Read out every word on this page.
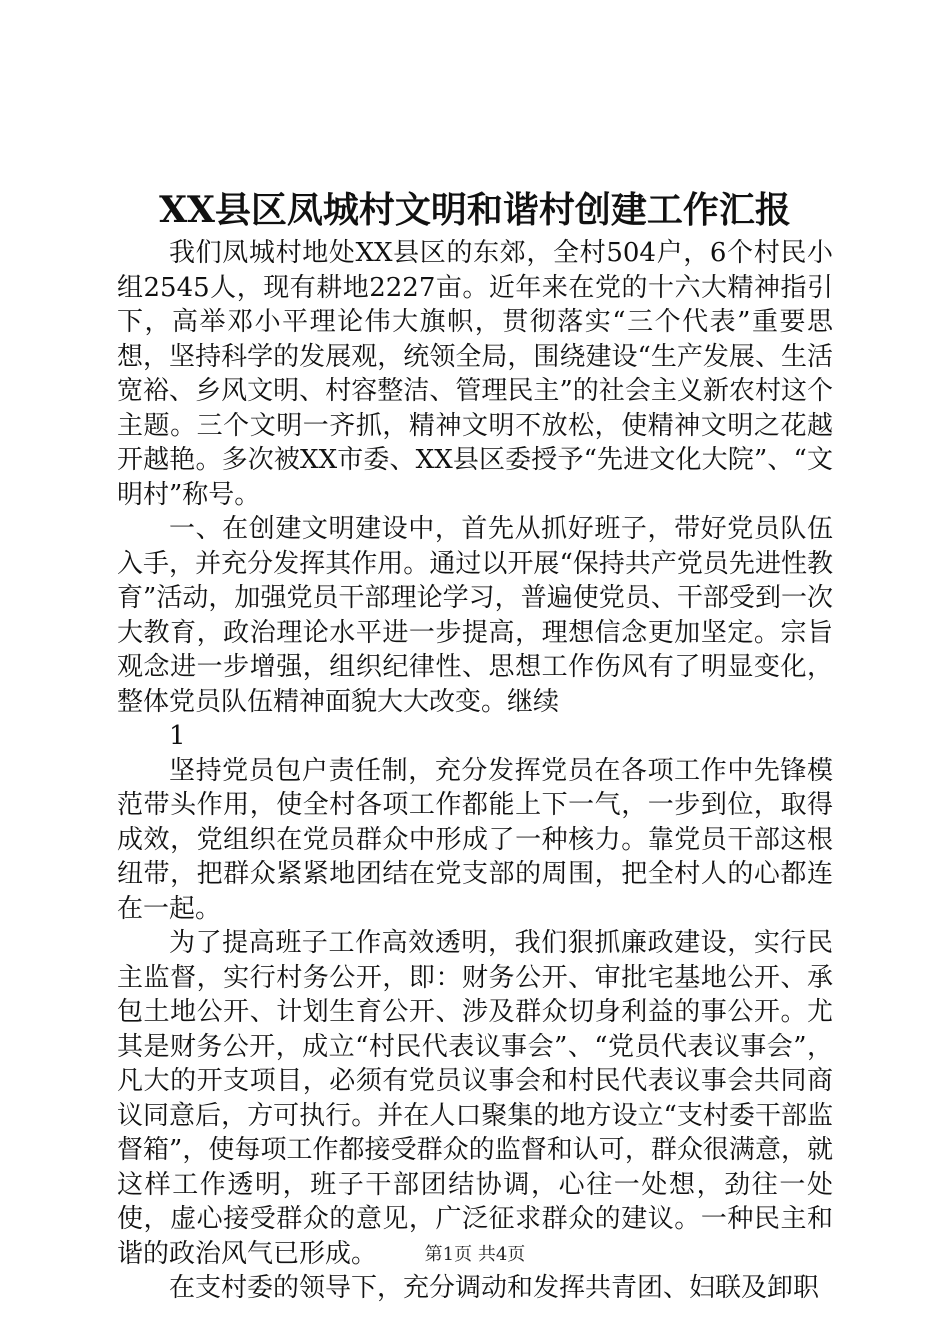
XX县区凤城村文明和谐村创建工作汇报

我们凤城村地处XX县区的东郊，全村504户，6个村民小组2545人，现有耕地2227亩。近年来在党的十六大精神指引下，高举邓小平理论伟大旗帜，贯彻落实“三个代表”重要思想，坚持科学的发展观，统领全局，围绕建设“生产发展、生活宽裕、乡风文明、村容整洁、管理民主”的社会主义新农村这个主题。三个文明一齐抓，精神文明不放松，使精神文明之花越开越艳。多次被XX市委、XX县区委授予“先进文化大院”、“文明村”称号。

一、在创建文明建设中，首先从抓好班子，带好党员队伍入手，并充分发挥其作用。通过以开展“保持共产党员先进性教育”活动，加强党员干部理论学习，普遍使党员、干部受到一次大教育，政治理论水平进一步提高，理想信念更加坚定。宗旨观念进一步增强，组织纪律性、思想工作伤风有了明显变化，整体党员队伍精神面貌大大改变。继续

1

坚持党员包户责任制，充分发挥党员在各项工作中先锋模范带头作用，使全村各项工作都能上下一气，一步到位，取得成效，党组织在党员群众中形成了一种核力。靠党员干部这根纽带，把群众紧紧地团结在党支部的周围，把全村人的心都连在一起。

为了提高班子工作高效透明，我们狠抓廉政建设，实行民主监督，实行村务公开，即：财务公开、审批宅基地公开、承包土地公开、计划生育公开、涉及群众切身利益的事公开。尤其是财务公开，成立“村民代表议事会”、“党员代表议事会”，凡大的开支项目，必须有党员议事会和村民代表议事会共同商议同意后，方可执行。并在人口聚集的地方设立“支村委干部监督箱”，使每项工作都接受群众的监督和认可，群众很满意，就这样工作透明，班子干部团结协调，心往一处想，劲往一处使，虚心接受群众的意见，广泛征求群众的建议。一种民主和谐的政治风气已形成。

在支村委的领导下，充分调动和发挥共青团、妇联及卸职

第1页 共4页
